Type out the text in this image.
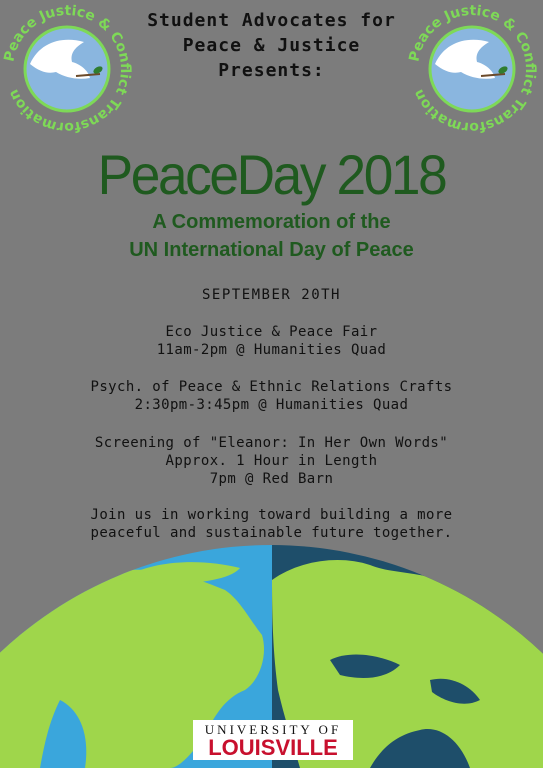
Peace Justice & Conflict Transformation
Peace Justice & Conflict Transformation
Student Advocates for
Peace & Justice
Presents:
PeaceDay 2018
A Commemoration of the
UN International Day of Peace
SEPTEMBER 20TH
Eco Justice & Peace Fair
11am-2pm @ Humanities Quad
Psych. of Peace & Ethnic Relations Crafts
2:30pm-3:45pm @ Humanities Quad
Screening of "Eleanor: In Her Own Words"
Approx. 1 Hour in Length
7pm @ Red Barn
Join us in working toward building a more
peaceful and sustainable future together.
UNIVERSITY OF
LOUISVILLE
